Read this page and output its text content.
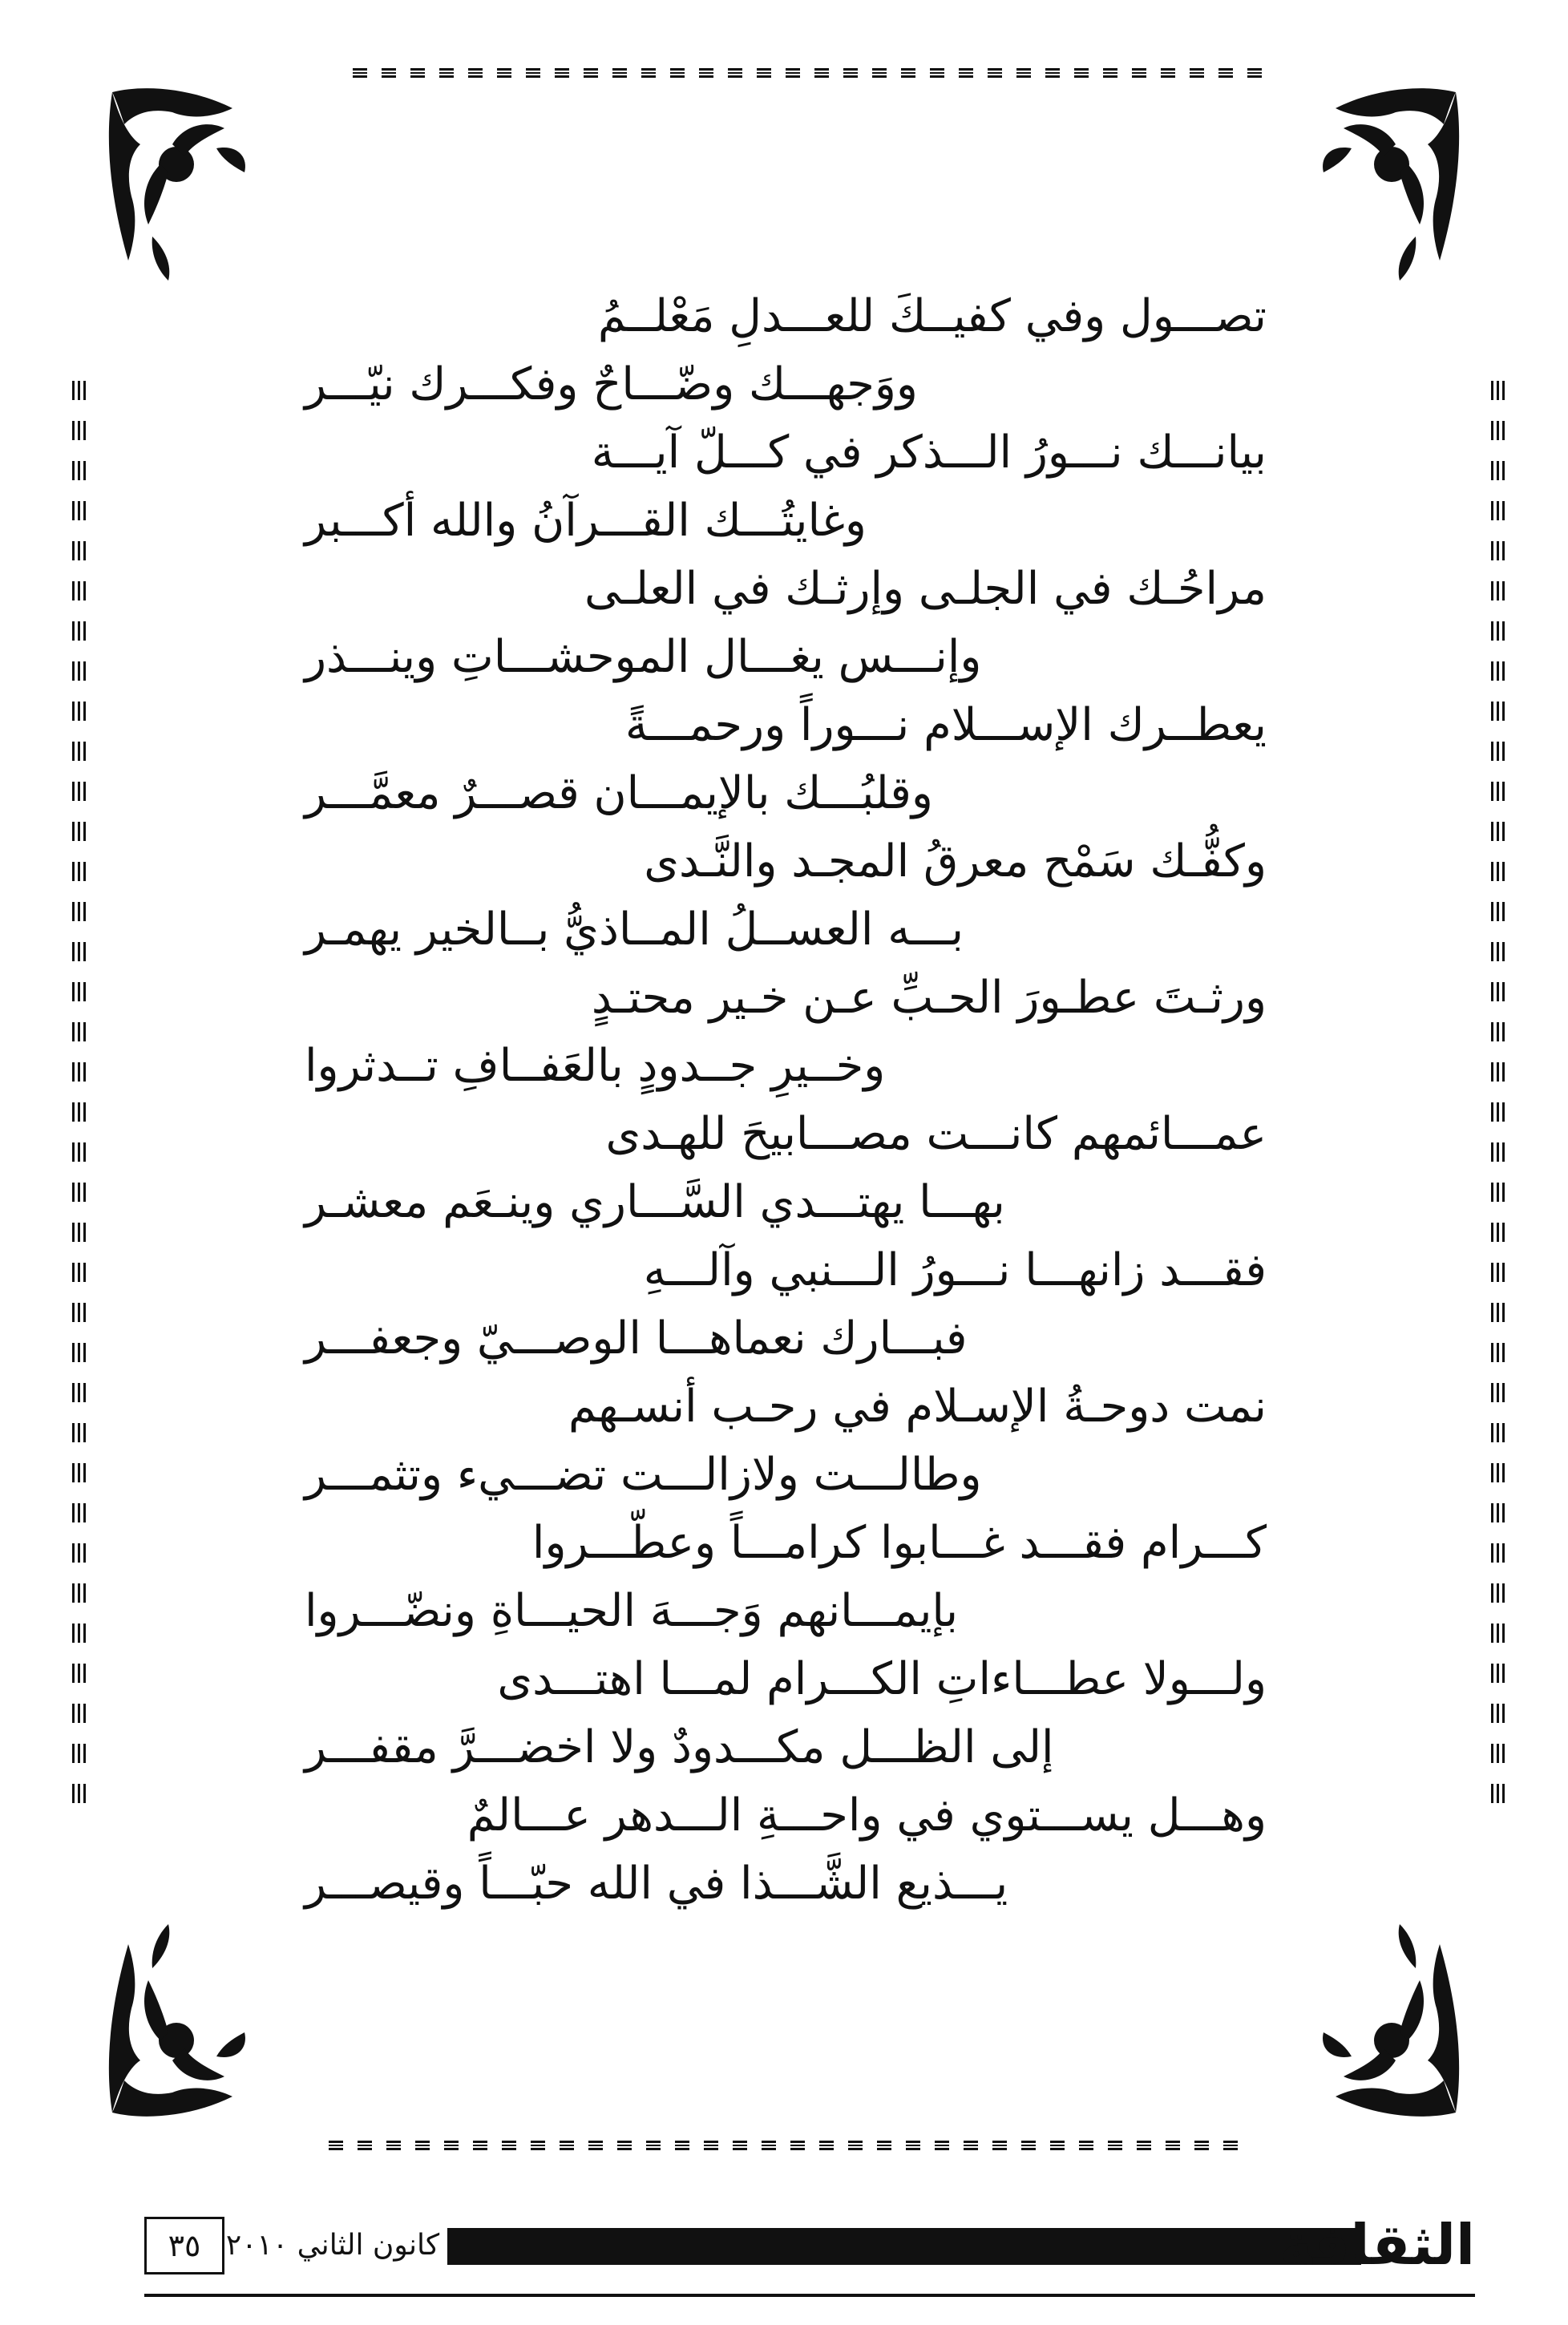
تصـــول وفي كفيــكَ للعـــدلِ مَعْلــمُ
ووَجهـــك وضّـــاحٌ وفكـــرك نيّـــر
بيانـــك نـــورُ الـــذكر في كـــلّ آيـــة
وغايتُـــك القـــرآنُ والله أكـــبر
مراحُـك في الجلـى وإرثـك في العلـى
وإنـــس يغـــال الموحشـــاتِ وينـــذر
يعطــرك الإســـلام نـــوراً ورحمـــةً
وقلبُـــك بالإيمـــان قصـــرٌ معمَّـــر
وكفُّـك سَمْح معرقُ المجـد والنَّـدى
بـــه العســلُ المــاذيُّ بــالخير يهمـر
ورثـتَ عطـورَ الحـبِّ عـن خـير محتـدٍ
وخــيرِ جــدودٍ بالعَفــافِ تــدثروا
عمـــائمهم كانـــت مصـــابيحَ للهـدى
بهـــا يهتـــدي السَّـــاري وينـعَم معشـر
فقـــد زانهـــا نـــورُ الـــنبي وآلـــهِ
فبـــارك نعماهـــا الوصـــيّ وجعفـــر
نمت دوحـةُ الإسـلام في رحـب أنسـهم
وطالـــت ولازالـــت تضـــيء وتثمـــر
كـــرام فقـــد غـــابوا كرامـــاً وعطّـــروا
بإيمـــانهم وَجـــهَ الحيـــاةِ ونضّـــروا
ولـــولا عطـــاءاتِ الكـــرام لمـــا اهتـــدى
إلى الظـــل مكـــدودٌ ولا اخضـــرَّ مقفـــر
وهـــل يســـتوي في واحـــةِ الـــدهر عـــالمٌ
يـــذيع الشَّـــذا في الله حبّـــاً وقيصـــر
٣٥ كانون الثاني ٢٠١٠	الثقافة
